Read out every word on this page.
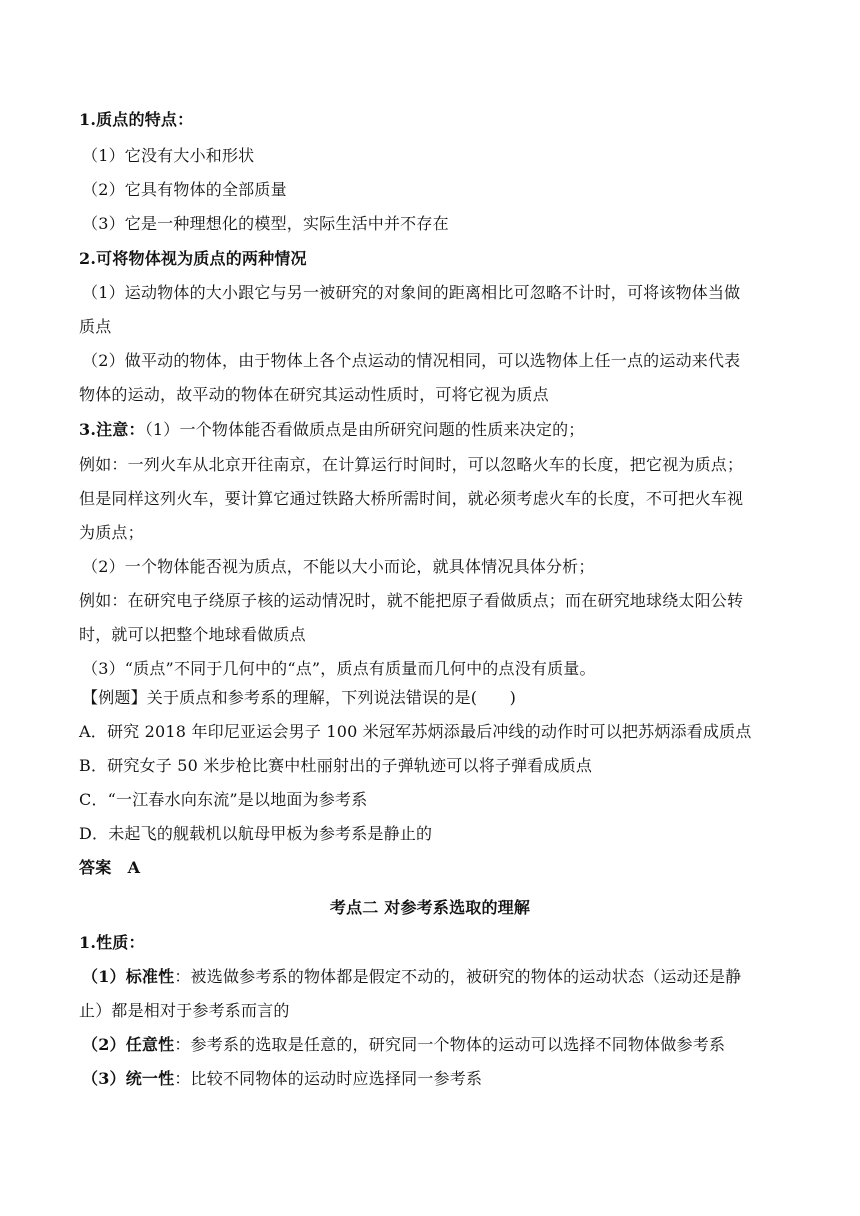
1.质点的特点：
（1）它没有大小和形状
（2）它具有物体的全部质量
（3）它是一种理想化的模型，实际生活中并不存在
2.可将物体视为质点的两种情况
（1）运动物体的大小跟它与另一被研究的对象间的距离相比可忽略不计时，可将该物体当做
质点
（2）做平动的物体，由于物体上各个点运动的情况相同，可以选物体上任一点的运动来代表
物体的运动，故平动的物体在研究其运动性质时，可将它视为质点
3.注意：（1）一个物体能否看做质点是由所研究问题的性质来决定的；
例如：一列火车从北京开往南京，在计算运行时间时，可以忽略火车的长度，把它视为质点；
但是同样这列火车，要计算它通过铁路大桥所需时间，就必须考虑火车的长度，不可把火车视
为质点；
（2）一个物体能否视为质点，不能以大小而论，就具体情况具体分析；
例如：在研究电子绕原子核的运动情况时，就不能把原子看做质点；而在研究地球绕太阳公转
时，就可以把整个地球看做质点
（3）“质点”不同于几何中的“点”，质点有质量而几何中的点没有质量。
【例题】关于质点和参考系的理解，下列说法错误的是(　　)
A．研究 2018 年印尼亚运会男子 100 米冠军苏炳添最后冲线的动作时可以把苏炳添看成质点
B．研究女子 50 米步枪比赛中杜丽射出的子弹轨迹可以将子弹看成质点
C．“一江春水向东流”是以地面为参考系
D．未起飞的舰载机以航母甲板为参考系是静止的
答案　A
考点二 对参考系选取的理解
1.性质：
（1）标准性：被选做参考系的物体都是假定不动的，被研究的物体的运动状态（运动还是静
止）都是相对于参考系而言的
（2）任意性：参考系的选取是任意的，研究同一个物体的运动可以选择不同物体做参考系
（3）统一性：比较不同物体的运动时应选择同一参考系
